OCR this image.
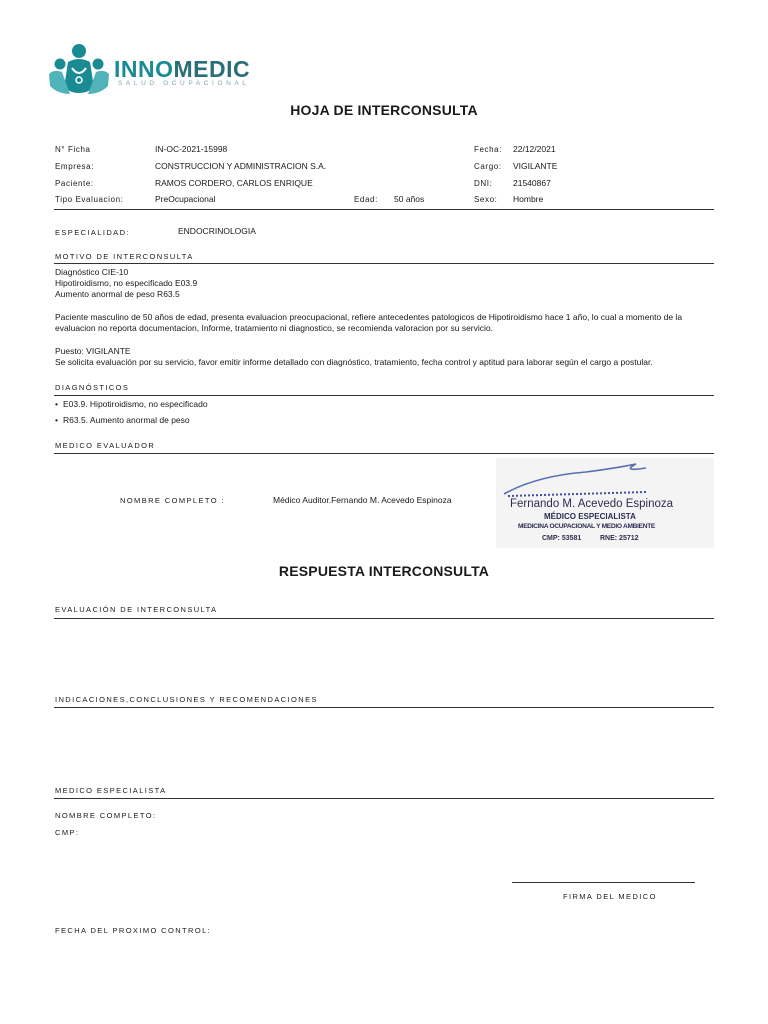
INNOMEDIC
SALUD OCUPACIONAL
HOJA DE INTERCONSULTA
N° Ficha	IN-OC-2021-15998	Fecha: 22/12/2021
Empresa:	CONSTRUCCION Y ADMINISTRACION S.A.	Cargo: VIGILANTE
Paciente:	RAMOS CORDERO, CARLOS ENRIQUE	DNI: 21540867
Tipo Evaluacion:	PreOcupacional	Edad: 50 años	Sexo: Hombre
ESPECIALIDAD:	ENDOCRINOLOGIA
MOTIVO DE INTERCONSULTA
Diagnóstico CIE-10
Hipotiroidismo, no especificado E03.9
Aumento anormal de peso R63.5
Paciente masculino de 50 años de edad, presenta evaluacion preocupacional, refiere antecedentes patologicos de Hipotiroidismo hace 1 año, lo cual a momento de la
evaluacion no reporta documentacion, Informe, tratamiento ni diagnostico, se recomienda valoracion por su servicio.
Puesto: VIGILANTE
Se solicita evaluación por su servicio, favor emitir informe detallado con diagnóstico, tratamiento, fecha control y aptitud para laborar según el cargo a postular.
DIAGNÓSTICOS
• E03.9. Hipotiroidismo, no especificado
• R63.5. Aumento anormal de peso
MEDICO EVALUADOR
NOMBRE COMPLETO :	Médico Auditor.Fernando M. Acevedo Espinoza	Fernando M. Acevedo Espinoza
MÉDICO ESPECIALISTA
MEDICINA OCUPACIONAL Y MEDIO AMBIENTE
CMP: 53581	RNE: 25712
RESPUESTA INTERCONSULTA
EVALUACIÓN DE INTERCONSULTA
INDICACIONES,CONCLUSIONES Y RECOMENDACIONES
MEDICO ESPECIALISTA
NOMBRE COMPLETO:
CMP:
FIRMA DEL MEDICO
FECHA DEL PROXIMO CONTROL:
